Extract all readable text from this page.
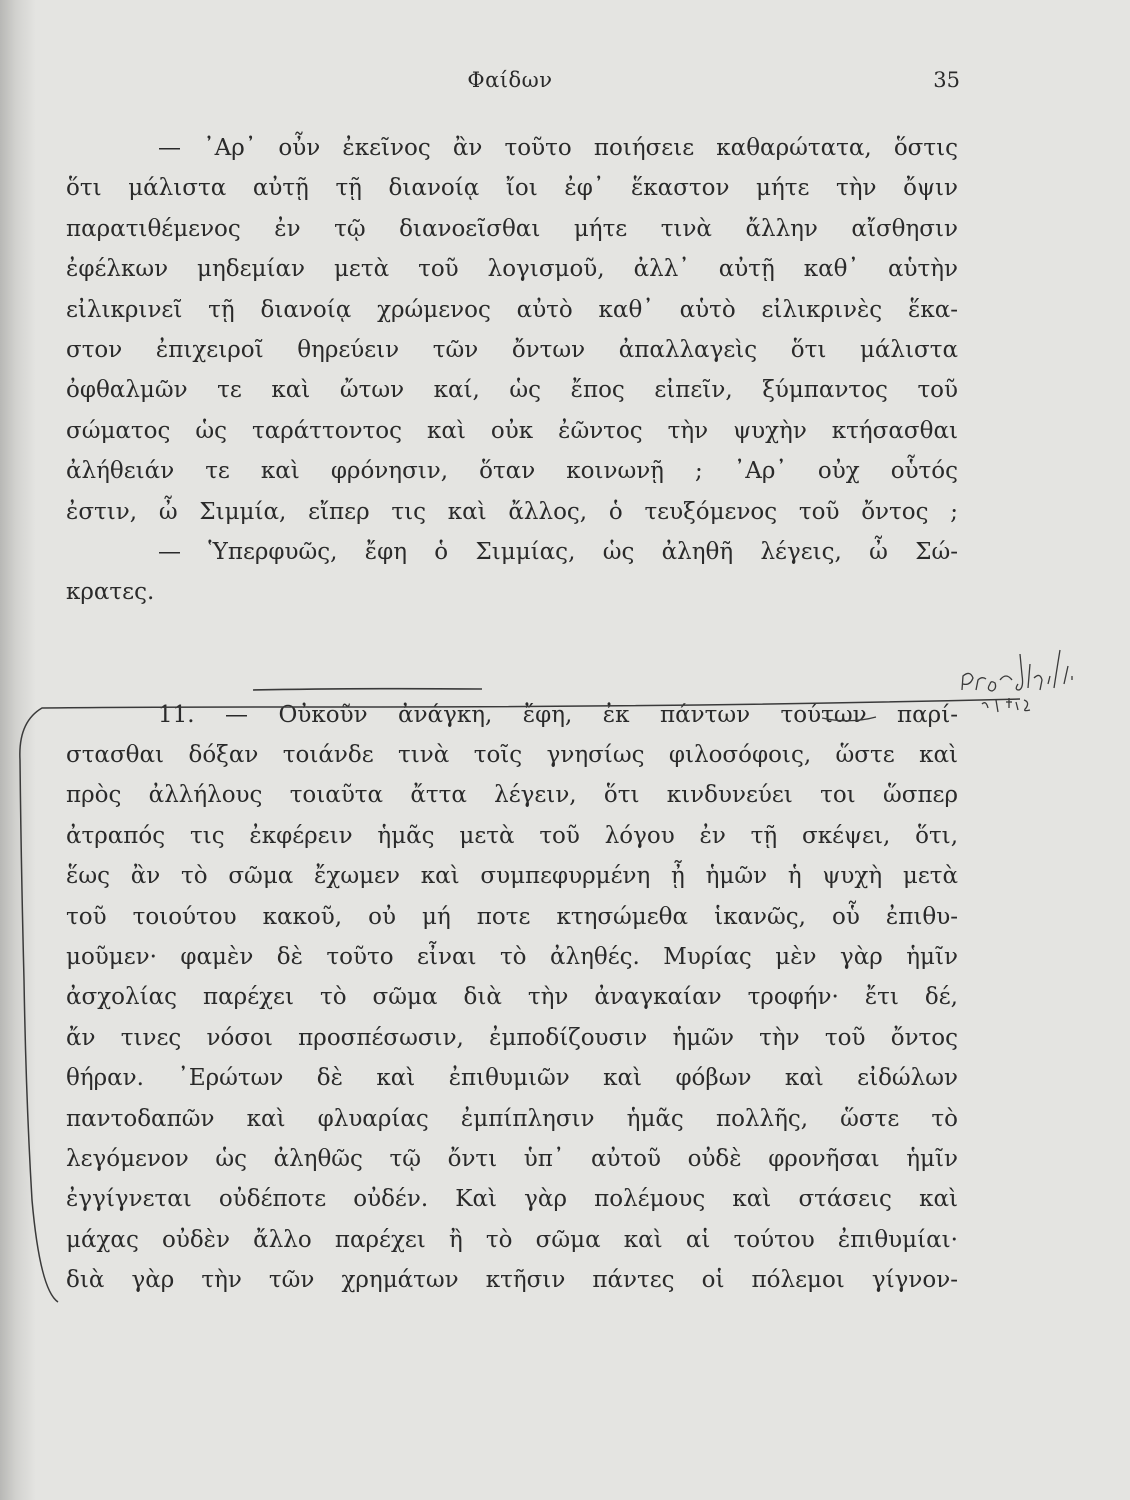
Φαίδων	35
— ᾿Αρ᾿ οὖν ἐκεῖνος ἂν τοῦτο ποιήσειε καθαρώτατα, ὅστις
ὅτι μάλιστα αὐτῇ τῇ διανοίᾳ ἴοι ἐφ᾿ ἕκαστον μήτε τὴν ὄψιν
παρατιθέμενος ἐν τῷ διανοεῖσθαι μήτε τινὰ ἄλλην αἴσθησιν
ἐφέλκων μηδεμίαν μετὰ τοῦ λογισμοῦ, ἀλλ᾿ αὐτῇ καθ᾿ αὑτὴν
εἰλικρινεῖ τῇ διανοίᾳ χρώμενος αὐτὸ καθ᾿ αὑτὸ εἰλικρινὲς ἕκα-
στον ἐπιχειροῖ θηρεύειν τῶν ὄντων ἀπαλλαγεὶς ὅτι μάλιστα
ὀφθαλμῶν τε καὶ ὤτων καί, ὡς ἔπος εἰπεῖν, ξύμπαντος τοῦ
σώματος ὡς ταράττοντος καὶ οὐκ ἐῶντος τὴν ψυχὴν κτήσασθαι
ἀλήθειάν τε καὶ φρόνησιν, ὅταν κοινωνῇ ; ᾿Αρ᾿ οὐχ οὗτός
ἐστιν, ὦ Σιμμία, εἴπερ τις καὶ ἄλλος, ὁ τευξόμενος τοῦ ὄντος ;
— Ὑπερφυῶς, ἔφη ὁ Σιμμίας, ὡς ἀληθῆ λέγεις, ὦ Σώ-
κρατες.
11. — Οὐκοῦν ἀνάγκη, ἔφη, ἐκ πάντων τούτων παρί-
στασθαι δόξαν τοιάνδε τινὰ τοῖς γνησίως φιλοσόφοις, ὥστε καὶ
πρὸς ἀλλήλους τοιαῦτα ἄττα λέγειν, ὅτι κινδυνεύει τοι ὥσπερ
ἀτραπός τις ἐκφέρειν ἡμᾶς μετὰ τοῦ λόγου ἐν τῇ σκέψει, ὅτι,
ἕως ἂν τὸ σῶμα ἔχωμεν καὶ συμπεφυρμένη ᾖ ἡμῶν ἡ ψυχὴ μετὰ
τοῦ τοιούτου κακοῦ, οὐ μή ποτε κτησώμεθα ἱκανῶς, οὗ ἐπιθυ-
μοῦμεν· φαμὲν δὲ τοῦτο εἶναι τὸ ἀληθές. Μυρίας μὲν γὰρ ἡμῖν
ἀσχολίας παρέχει τὸ σῶμα διὰ τὴν ἀναγκαίαν τροφήν· ἔτι δέ,
ἄν τινες νόσοι προσπέσωσιν, ἐμποδίζουσιν ἡμῶν τὴν τοῦ ὄντος
θήραν. ᾿Ερώτων δὲ καὶ ἐπιθυμιῶν καὶ φόβων καὶ εἰδώλων
παντοδαπῶν καὶ φλυαρίας ἐμπίπλησιν ἡμᾶς πολλῆς, ὥστε τὸ
λεγόμενον ὡς ἀληθῶς τῷ ὄντι ὑπ᾿ αὐτοῦ οὐδὲ φρονῆσαι ἡμῖν
ἐγγίγνεται οὐδέποτε οὐδέν. Καὶ γὰρ πολέμους καὶ στάσεις καὶ
μάχας οὐδὲν ἄλλο παρέχει ἢ τὸ σῶμα καὶ αἱ τούτου ἐπιθυμίαι·
διὰ γὰρ τὴν τῶν χρημάτων κτῆσιν πάντες οἱ πόλεμοι γίγνον-
